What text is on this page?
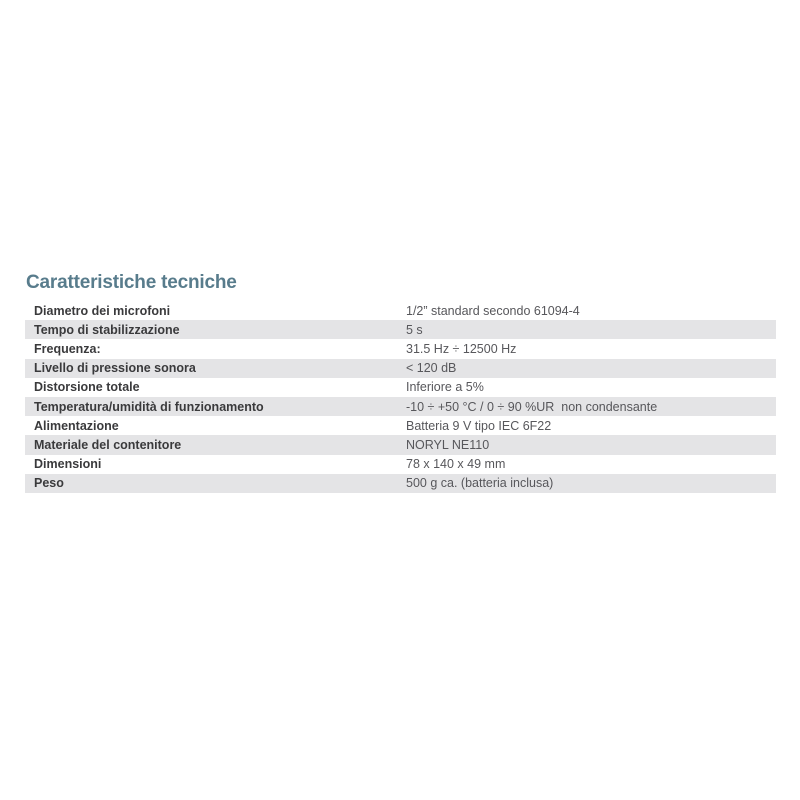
Caratteristiche tecniche
Diametro dei microfoni	1/2” standard secondo 61094-4
Tempo di stabilizzazione	5 s
Frequenza:	31.5 Hz ÷ 12500 Hz
Livello di pressione sonora	< 120 dB
Distorsione totale	Inferiore a 5%
Temperatura/umidità di funzionamento	-10 ÷ +50 °C / 0 ÷ 90 %UR  non condensante
Alimentazione	Batteria 9 V tipo IEC 6F22
Materiale del contenitore	NORYL NE110
Dimensioni	78 x 140 x 49 mm
Peso	500 g ca. (batteria inclusa)
